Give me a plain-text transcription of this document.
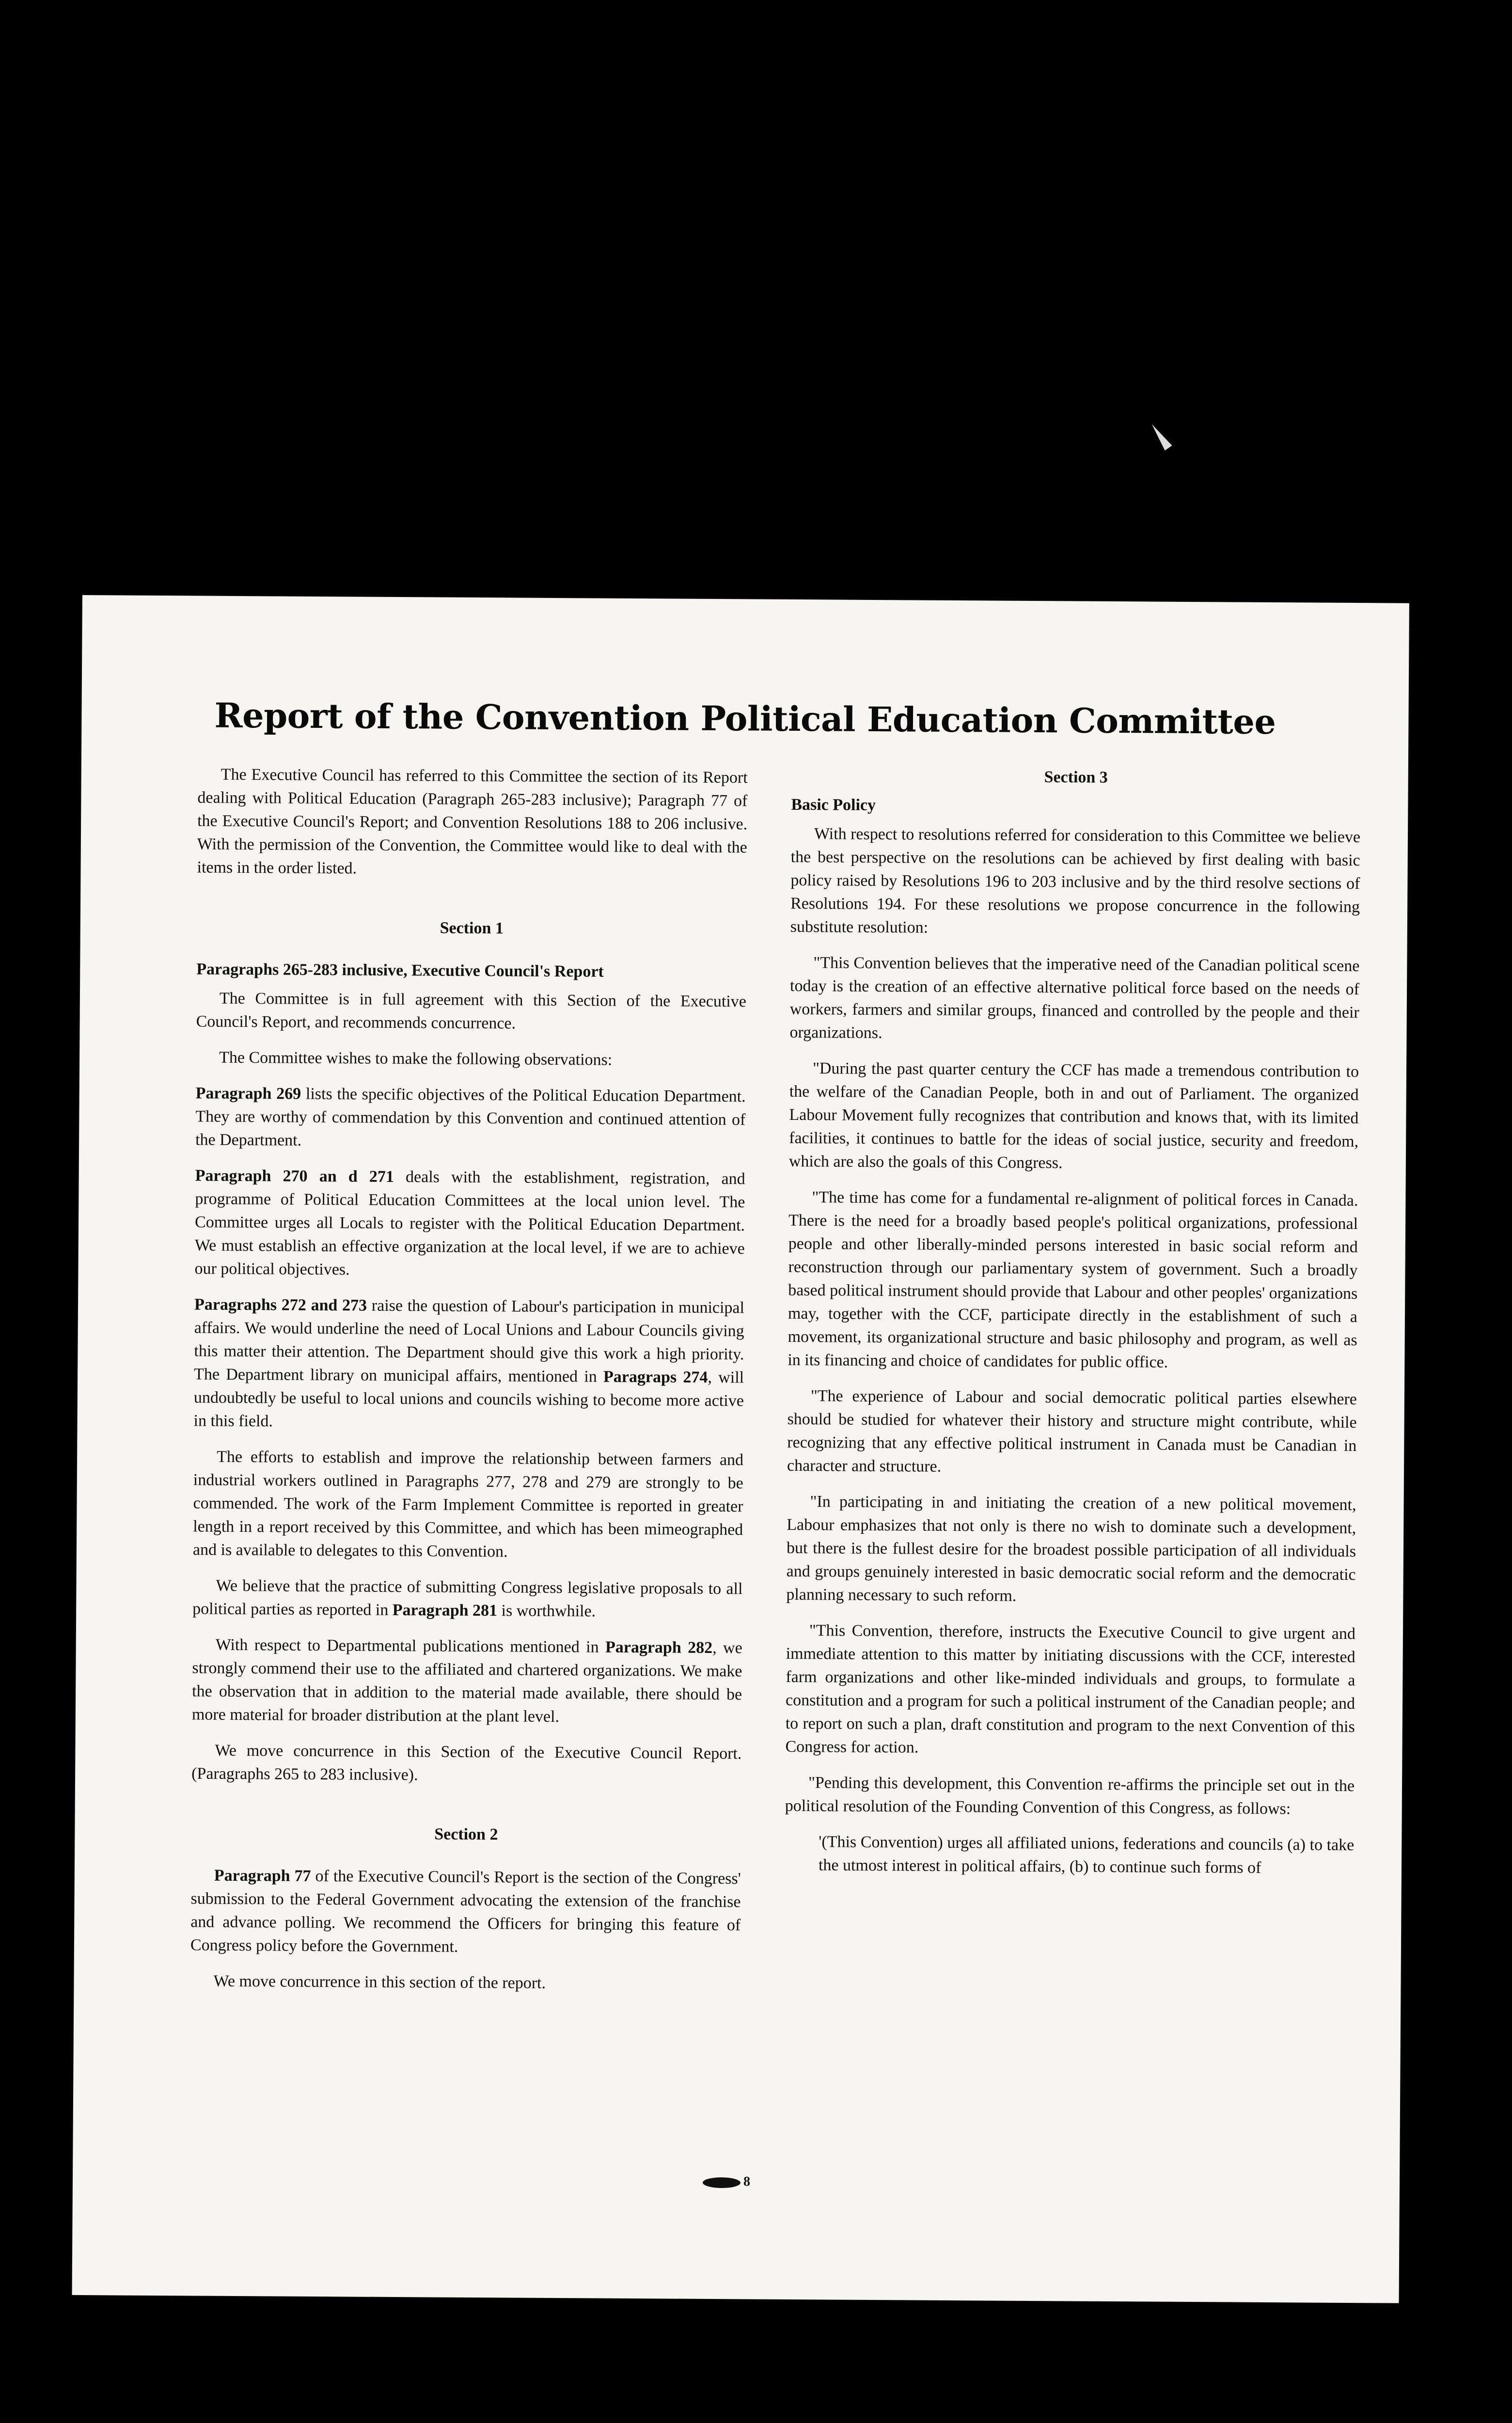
Report of the Convention Political Education Committee

The Executive Council has referred to this Committee the section of its Report dealing with Political Education (Paragraph 265-283 inclusive); Paragraph 77 of the Executive Council's Report; and Convention Resolutions 188 to 206 inclusive. With the permission of the Convention, the Committee would like to deal with the items in the order listed.

Section 1
Paragraphs 265-283 inclusive, Executive Council's Report

The Committee is in full agreement with this Section of the Executive Council's Report, and recommends concurrence.

The Committee wishes to make the following observations:

Paragraph 269 lists the specific objectives of the Political Education Department. They are worthy of commendation by this Convention and continued attention of the Department.

Paragraph 270 an d 271 deals with the establishment, registration, and programme of Political Education Committees at the local union level. The Committee urges all Locals to register with the Political Education Department. We must establish an effective organization at the local level, if we are to achieve our political objectives.

Paragraphs 272 and 273 raise the question of Labour's participation in municipal affairs. We would underline the need of Local Unions and Labour Councils giving this matter their attention. The Department should give this work a high priority. The Department library on municipal affairs, mentioned in Paragraps 274, will undoubtedly be useful to local unions and councils wishing to become more active in this field.

The efforts to establish and improve the relationship between farmers and industrial workers outlined in Paragraphs 277, 278 and 279 are strongly to be commended. The work of the Farm Implement Committee is reported in greater length in a report received by this Committee, and which has been mimeographed and is available to delegates to this Convention.

We believe that the practice of submitting Congress legislative proposals to all political parties as reported in Paragraph 281 is worthwhile.

With respect to Departmental publications mentioned in Paragraph 282, we strongly commend their use to the affiliated and chartered organizations. We make the observation that in addition to the material made available, there should be more material for broader distribution at the plant level.

We move concurrence in this Section of the Executive Council Report. (Paragraphs 265 to 283 inclusive).

Section 2

Paragraph 77 of the Executive Council's Report is the section of the Congress' submission to the Federal Government advocating the extension of the franchise and advance polling. We recommend the Officers for bringing this feature of Congress policy before the Government.

We move concurrence in this section of the report.

Section 3
Basic Policy

With respect to resolutions referred for consideration to this Committee we believe the best perspective on the resolutions can be achieved by first dealing with basic policy raised by Resolutions 196 to 203 inclusive and by the third resolve sections of Resolutions 194. For these resolutions we propose concurrence in the following substitute resolution:

"This Convention believes that the imperative need of the Canadian political scene today is the creation of an effective alternative political force based on the needs of workers, farmers and similar groups, financed and controlled by the people and their organizations.

"During the past quarter century the CCF has made a tremendous contribution to the welfare of the Canadian People, both in and out of Parliament. The organized Labour Movement fully recognizes that contribution and knows that, with its limited facilities, it continues to battle for the ideas of social justice, security and freedom, which are also the goals of this Congress.

"The time has come for a fundamental re-alignment of political forces in Canada. There is the need for a broadly based people's political organizations, professional people and other liberally-minded persons interested in basic social reform and reconstruction through our parliamentary system of government. Such a broadly based political instrument should provide that Labour and other peoples' organizations may, together with the CCF, participate directly in the establishment of such a movement, its organizational structure and basic philosophy and program, as well as in its financing and choice of candidates for public office.

"The experience of Labour and social democratic political parties elsewhere should be studied for whatever their history and structure might contribute, while recognizing that any effective political instrument in Canada must be Canadian in character and structure.

"In participating in and initiating the creation of a new political movement, Labour emphasizes that not only is there no wish to dominate such a development, but there is the fullest desire for the broadest possible participation of all individuals and groups genuinely interested in basic democratic social reform and the democratic planning necessary to such reform.

"This Convention, therefore, instructs the Executive Council to give urgent and immediate attention to this matter by initiating discussions with the CCF, interested farm organizations and other like-minded individuals and groups, to formulate a constitution and a program for such a political instrument of the Canadian people; and to report on such a plan, draft constitution and program to the next Convention of this Congress for action.

"Pending this development, this Convention re-affirms the principle set out in the political resolution of the Founding Convention of this Congress, as follows:

'(This Convention) urges all affiliated unions, federations and councils (a) to take the utmost interest in political affairs, (b) to continue such forms of

8
